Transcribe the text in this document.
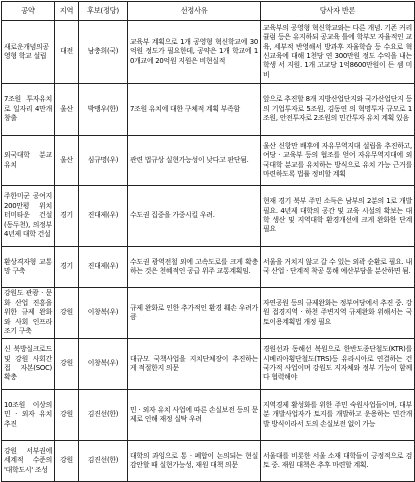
공약	지역	후보(정당)	선정사유	당사자 반론
새로운개념의공영형 학교 설립	대전	남충희(국)	교육부 계획으로 1개 공영형 혁신학교에 30억원 정도가 필요한데, 공약은 1개 학교에 10개교에 20억원 지원은 비현실적	교육부의 공영형 혁신학교와는 다른 개념. 기존 커리큘럼 등은 유지하되 공교육 틀에 학부모 자율적인 교육, 세부적 반영해서 방과후 자율학습 등 수요로 혁신교육에 대해 1천당 연 300만원 정도 수익을 내는 학생 서 지원. 1개 고교당 1억8600만원이 든 셈 미비
7조원 투자유치로 일자리 4만개 창출	울산	박맹우(한)	7조원 유치에 대한 구체적 계획 부족함	앞으로 추진할 8개 지방산업단지와 국가산업단지 등의 기업투자로 5조원, 김동연 의 혁명투자 규모로 1조원, 안전투자로 2조원의 민간투자 유치 계획 있음
외국대학 분교 유치	울산	심규명(우)	관련 법규상 실현가능성이 낮다고 판단됨.	울산 신항만 배후에 자유무역지대 설립을 추진하고, 여당 · 교육부 등의 협조를 얻어 자유무역지대에 외국대학 분교를 유치하는 방식으로 유치 가능 근거를 마련하도록 법률 정비할 계획
주한미군 공여지 200만평 위치 터미타운 건설(동두천), 의정부 4년제 대학 건설	경기	진대제(우)	수도권 집중을 가중시킬 우려.	현재 경기 북부 주민 소득은 남부의 2분의 1로 개발 필요. 4년제 대학의 공간 및 교육 시설의 확보는 대학 생산 및 지역대학 환경개선에 크게 완화한 단계 필요
환상격자형 교통망 구축	경기	진대제(우)	수도권 광역전철 외에 고속도로를 크게 확충하는 것은 천혜적인 공급 위주 교통계획임.	서울을 거치지 않고 갈 수 있는 외곽 순환로 필요. 내국 산업 · 단계적 착공 통해 예산부담을 분산하면 됨.
강원도 관광 · 문화 산업 진흥을 위한 규제 완화와 사회 인프라 조기 구축	강원	이창복(우)	규제 완화로 인한 추가적인 환경 훼손 우려가 큼	자연공원 등의 규제완화는 정부여당에서 추진 중. 강원 접경지역 · 하천 주변지역 규제완화 위해서는 국토이용계획법 개정 필요
신 북방실크로드 및 강원 사회간접 자본(SOC) 확충	강원	이창복(우)	대규모 국책사업을 지치단체장이 추진하는 게 적절한지 의문	경원선과 동해선 복원으로 한반도종단철도(KTR)를 시베리아횡단철도(TRS)등 유라시아로 연결하는 건 국가적 사업이며 강원도 지자체와 정부 기능이 함께 다 협력해야
10조원 이상의 민 · 외자 유치 추진	강원	김진선(한)	민 · 외자 유치 사업에 따른 손실보전 등의 문제로 인해 재정 실탁 우려	지역경제 활성화를 위한 주민 숙원사업들이며, 대부분 개발사업자가 토지를 개발하고 운용하는 민간개발 방식이라서 도의 손실보전 없이 가능
강원 서부권에 세계적 수준의 '대학도시' 조성	강원	김진선(한)	대학의 과잉으로 통 · 폐합이 논의되는 현실 감안할 때 실현가능성, 재원 대책 의문	서울대를 비롯한 서울 소재 대학들이 긍정적으로 검토 중. 재원 대책은 추후 마련할 계획.
